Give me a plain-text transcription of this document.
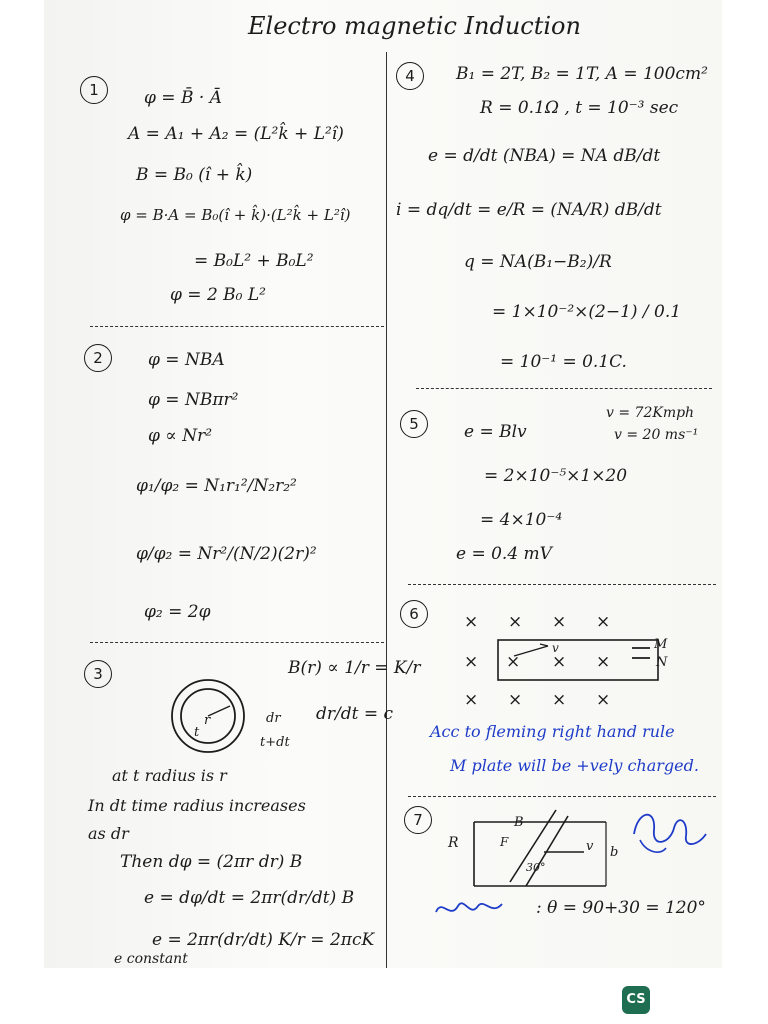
Electro magnetic Induction
1	φ = B̄ · Ā
A = A₁ + A₂ = (L²k̂ + L²î)
B = B₀ (î + k̂)
φ = B·A = B₀(î + k̂)·(L²k̂ + L²î)
= B₀L² + B₀L²
φ = 2 B₀ L²
2	φ = NBA
φ = NBπr²
φ ∝ Nr²
φ₁/φ₂ = N₁r₁²/N₂r₂²
φ/φ₂ = Nr²/(N/2)(2r)²
φ₂ = 2φ
3	B(r) ∝ 1/r = K/r
dr/dt = c
r	dr
t+dt
t
at t radius is r
In dt time radius increases
as dr
Then dφ = (2πr dr) B
e = dφ/dt = 2πr(dr/dt) B
e = 2πr(dr/dt) K/r = 2πcK
e constant
4	B₁ = 2T, B₂ = 1T, A = 100cm²
R = 0.1Ω , t = 10⁻³ sec
e = d/dt (NBA) = NA dB/dt
i = dq/dt = e/R = (NA/R) dB/dt
q = NA(B₁−B₂)/R
= 1×10⁻²×(2−1) / 0.1
= 10⁻¹ = 0.1C.
5	e = Blv
v = 72Kmph
v = 20 ms⁻¹
= 2×10⁻⁵×1×20
= 4×10⁻⁴
e = 0.4 mV
6	× × × ×
× × × ×
v	M
N
× × × ×
Acc to fleming right hand rule
M plate will be +vely charged.
7
R
B
F	v b
30°
: θ = 90+30 = 120°
CS
